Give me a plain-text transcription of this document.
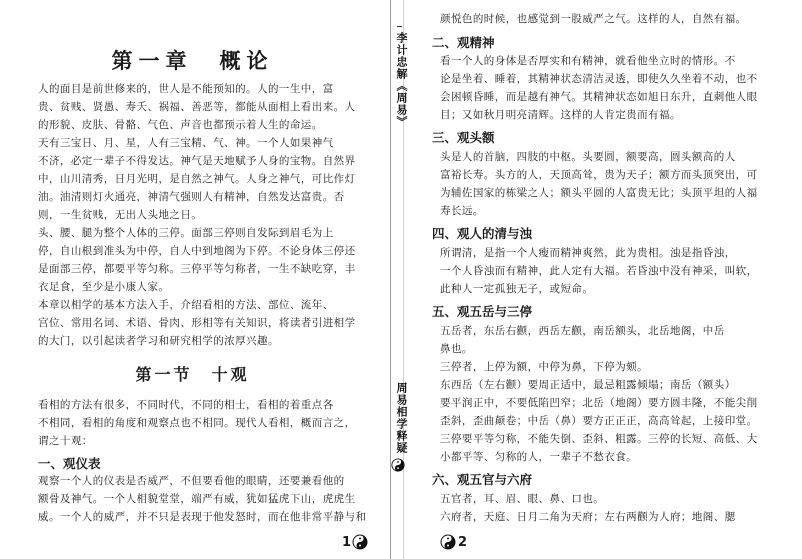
第一章　概论
人的面目是前世修来的，世人是不能预知的。人的一生中，富
贵、贫贱、贤愚、寿夭、祸福、善恶等，都能从面相上看出来。人
的形貌、皮肤、骨骼、气色、声音也都预示着人生的命运。
天有三宝日、月、星，人有三宝精、气、神。一个人如果神气
不济，必定一辈子不得发达。神气是天地赋予人身的宝物。自然界
中，山川清秀，日月光明，是自然之神气。人身之神气，可比作灯
油。油清则灯火通亮，神清气强则人有精神，自然发达富贵。否
则，一生贫贱，无出人头地之日。
头、腰、腿为整个人体的三停。面部三停则自发际到眉毛为上
停，自山根到准头为中停，自人中到地阁为下停。不论身体三停还
是面部三停，都要平等匀称。三停平等匀称者，一生不缺吃穿，丰
衣足食，至少是小康人家。
本章以相学的基本方法入手，介绍看相的方法、部位、流年、
宫位、常用名词、术语、骨肉、形相等有关知识，将读者引进相学
的大门，以引起读者学习和研究相学的浓厚兴趣。
第一节　十观
看相的方法有很多，不同时代，不同的相士，看相的着重点各
不相同，看相的角度和观察点也不相同。现代人看相，概而言之，
谓之十观：
一、观仪表
观察一个人的仪表是否威严，不但要看他的眼睛，还要兼看他的
额骨及神气。一个人相貌堂堂，端严有威，犹如猛虎下山，虎虎生
威。一个人的威严，并不只是表现于他发怒时，而在他非常平静与和
1
李计忠解《周易》
周易相学释疑
颜悦色的时候，也感觉到一股威严之气。这样的人，自然有福。
二、观精神
看一个人的身体是否厚实和有精神，就看他坐立时的情形。不
论是坐着、睡着，其精神状态清洁灵透，即使久久坐着不动，也不
会困顿昏睡，而是越有神气。其精神状态如旭日东升，直刺他人眼
目；又如秋月明亮清辉。这样的人肯定贵而有福。
三、观头额
头是人的首脑，四肢的中枢。头要圆，额要高，圆头额高的人
富裕长寿。头方的人，天顶高耸，贵为天子；额方而头顶突出，可
为辅佐国家的栋梁之人；额头平圆的人富贵无比；头顶平坦的人福
寿长远。
四、观人的清与浊
所谓清，是指一个人瘦而精神爽然，此为贵相。浊是指昏浊，
一个人昏浊而有精神，此人定有大福。若昏浊中没有神采，叫软，
此种人一定孤独无子，或短命。
五、观五岳与三停
五岳者，东岳右颧，西岳左颧，南岳额头，北岳地阁，中岳
鼻也。
三停者，上停为额，中停为鼻，下停为颏。
东西岳（左右颧）要周正适中，最忌粗露倾塌；南岳（额头）
要平润正中，不要低陷凹窄；北岳（地阁）要方圆丰隆，不能尖削
歪斜，歪曲颠卷；中岳（鼻）要方正正正，高高耸起，上接印堂。
三停要平等匀称，不能失倒、歪斜、粗露。三停的长短、高低、大
小都平等、匀称的人，一辈子不愁衣食。
六、观五官与六府
五官者，耳、眉、眼、鼻、口也。
六府者，天庭、日月二角为天府；左右两颧为人府；地阁、腮
2
